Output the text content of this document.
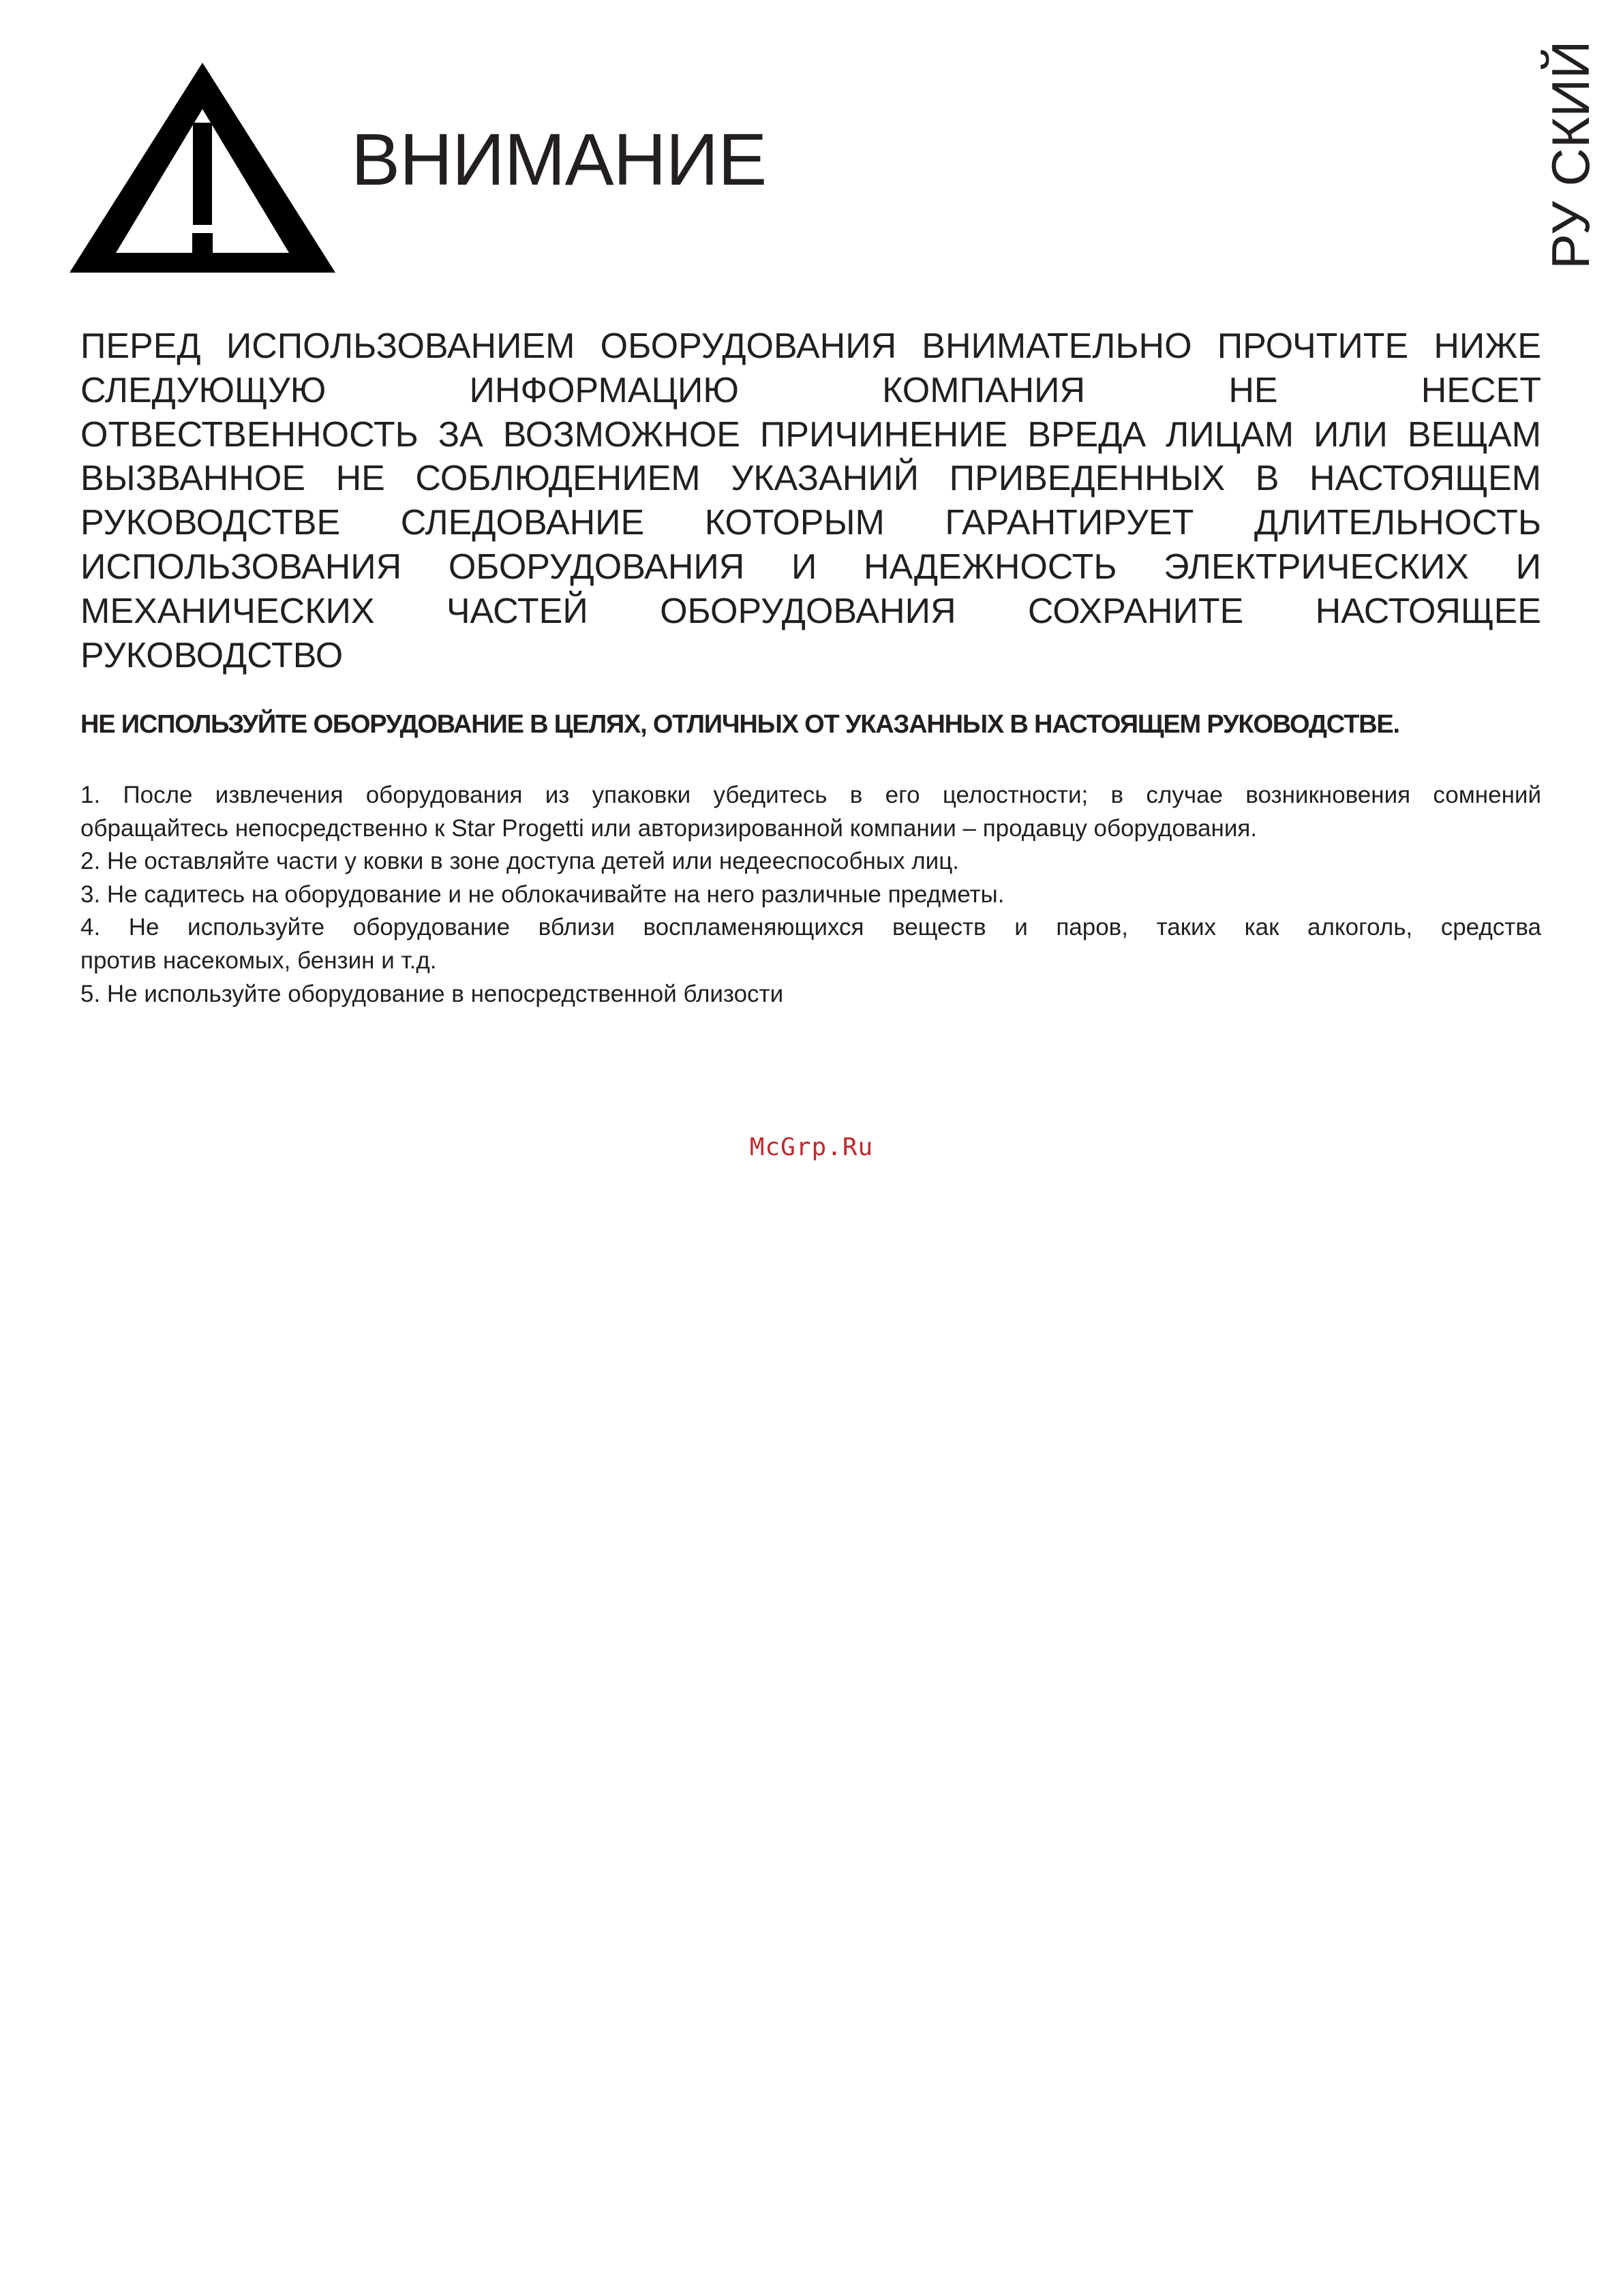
ВНИМАНИЕ	РУ СКИЙ

ПЕРЕД ИСПОЛЬЗОВАНИЕМ ОБОРУДОВАНИЯ ВНИМАТЕЛЬНО ПРОЧТИТЕ НИЖЕ
СЛЕДУЮЩУЮ ИНФОРМАЦИЮ КОМПАНИЯ НЕ НЕСЕТ
ОТВЕСТВЕННОСТЬ ЗА ВОЗМОЖНОЕ ПРИЧИНЕНИЕ ВРЕДА ЛИЦАМ ИЛИ ВЕЩАМ
ВЫЗВАННОЕ НЕ СОБЛЮДЕНИЕМ УКАЗАНИЙ ПРИВЕДЕННЫХ В НАСТОЯЩЕМ
РУКОВОДСТВЕ СЛЕДОВАНИЕ КОТОРЫМ ГАРАНТИРУЕТ ДЛИТЕЛЬНОСТЬ
ИСПОЛЬЗОВАНИЯ ОБОРУДОВАНИЯ И НАДЕЖНОСТЬ ЭЛЕКТРИЧЕСКИХ И
МЕХАНИЧЕСКИХ ЧАСТЕЙ ОБОРУДОВАНИЯ СОХРАНИТЕ НАСТОЯЩЕЕ
РУКОВОДСТВО

НЕ ИСПОЛЬЗУЙТЕ ОБОРУДОВАНИЕ В ЦЕЛЯХ, ОТЛИЧНЫХ ОТ УКАЗАННЫХ В НАСТОЯЩЕМ РУКОВОДСТВЕ.

1. После извлечения оборудования из упаковки убедитесь в его целостности; в случае возникновения сомнений
обращайтесь непосредственно к Star Progetti или авторизированной компании – продавцу оборудования.
2. Не оставляйте части у ковки в зоне доступа детей или недееспособных лиц.
3. Не садитесь на оборудование и не облокачивайте на него различные предметы.
4. Не используйте оборудование вблизи воспламеняющихся веществ и паров, таких как алкоголь, средства
против насекомых, бензин и т.д.
5. Не используйте оборудование в непосредственной близости
McGrp.Ru
